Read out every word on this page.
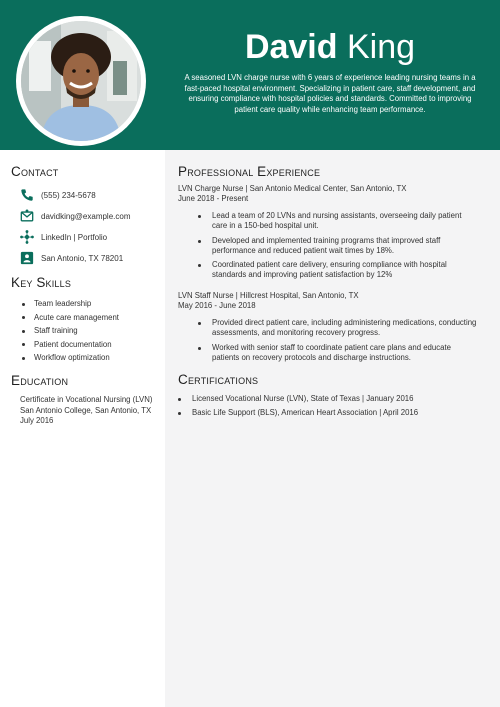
David King
A seasoned LVN charge nurse with 6 years of experience leading nursing teams in a fast-paced hospital environment. Specializing in patient care, staff development, and ensuring compliance with hospital policies and standards. Committed to improving patient care quality while enhancing team performance.
Contact
(555) 234-5678
davidking@example.com
LinkedIn | Portfolio
San Antonio, TX 78201
Key Skills
Team leadership
Acute care management
Staff training
Patient documentation
Workflow optimization
Education
Certificate in Vocational Nursing (LVN)
San Antonio College, San Antonio, TX
July 2016
Professional Experience
LVN Charge Nurse | San Antonio Medical Center, San Antonio, TX
June 2018 - Present
Lead a team of 20 LVNs and nursing assistants, overseeing daily patient care in a 150-bed hospital unit.
Developed and implemented training programs that improved staff performance and reduced patient wait times by 18%.
Coordinated patient care delivery, ensuring compliance with hospital standards and improving patient satisfaction by 12%
LVN Staff Nurse | Hillcrest Hospital, San Antonio, TX
May 2016 - June 2018
Provided direct patient care, including administering medications, conducting assessments, and monitoring recovery progress.
Worked with senior staff to coordinate patient care plans and educate patients on recovery protocols and discharge instructions.
Certifications
Licensed Vocational Nurse (LVN), State of Texas | January 2016
Basic Life Support (BLS), American Heart Association | April 2016
